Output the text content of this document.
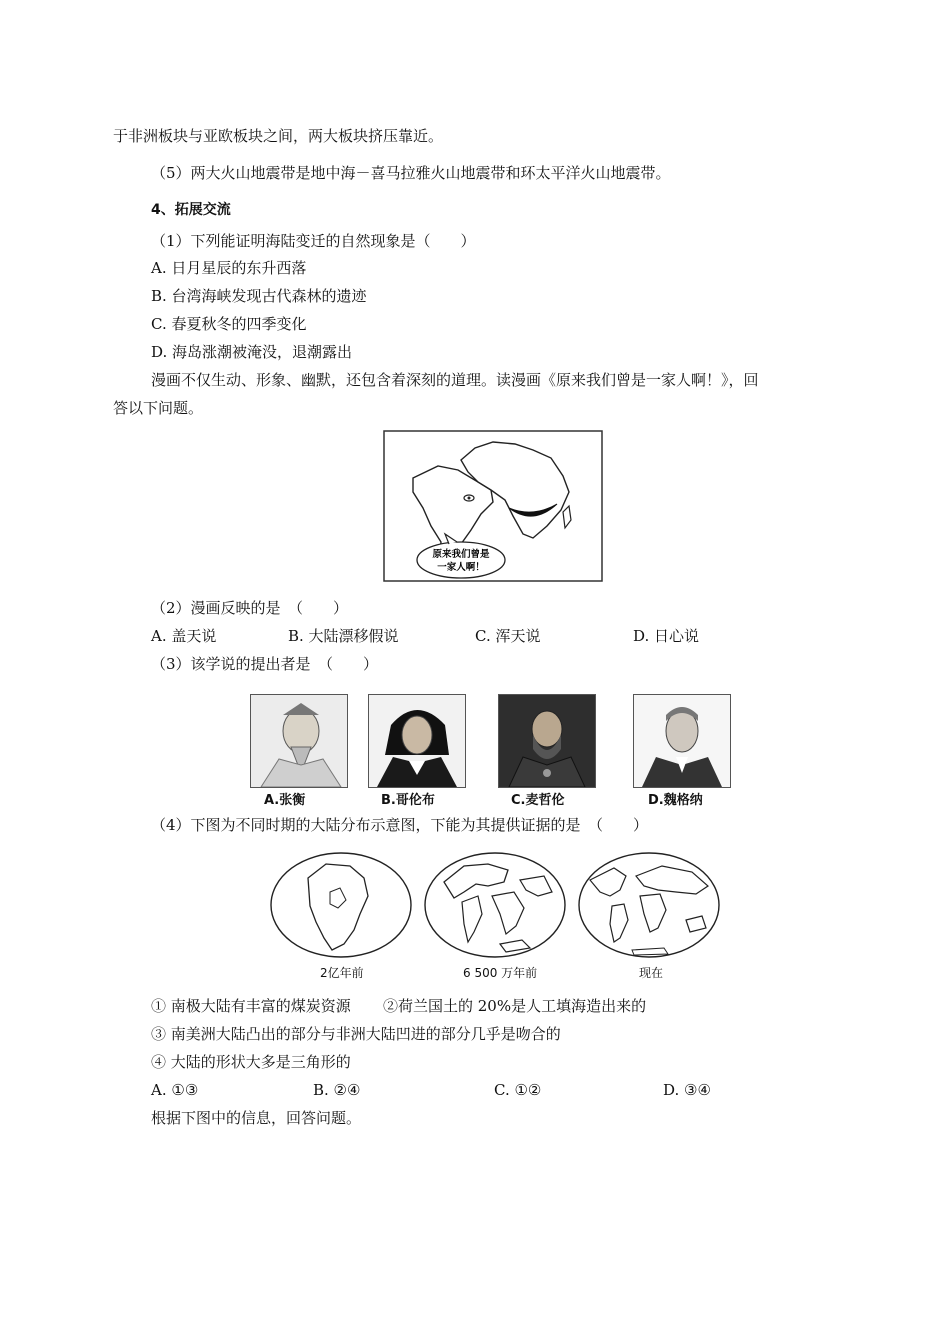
于非洲板块与亚欧板块之间，两大板块挤压靠近。
（5）两大火山地震带是地中海－喜马拉雅火山地震带和环太平洋火山地震带。
4、拓展交流
（1）下列能证明海陆变迁的自然现象是（　　）
A. 日月星辰的东升西落
B. 台湾海峡发现古代森林的遗迹
C. 春夏秋冬的四季变化
D. 海岛涨潮被淹没，退潮露出
漫画不仅生动、形象、幽默，还包含着深刻的道理。读漫画《原来我们曾是一家人啊！》，回
答以下问题。
原来我们曾是
一家人啊！
（2）漫画反映的是　（　　）
A. 盖天说	B. 大陆漂移假说	C. 浑天说	D. 日心说
（3）该学说的提出者是　（　　）
A.张衡	B.哥伦布	C.麦哲伦	D.魏格纳
（4）下图为不同时期的大陆分布示意图，下能为其提供证据的是　（　　）
2亿年前	6 500 万年前	现在
① 南极大陆有丰富的煤炭资源 ②荷兰国土的 20%是人工填海造出来的
③ 南美洲大陆凸出的部分与非洲大陆凹进的部分几乎是吻合的
④ 大陆的形状大多是三角形的
A. ①③	B. ②④	C. ①②	D. ③④
根据下图中的信息，回答问题。
